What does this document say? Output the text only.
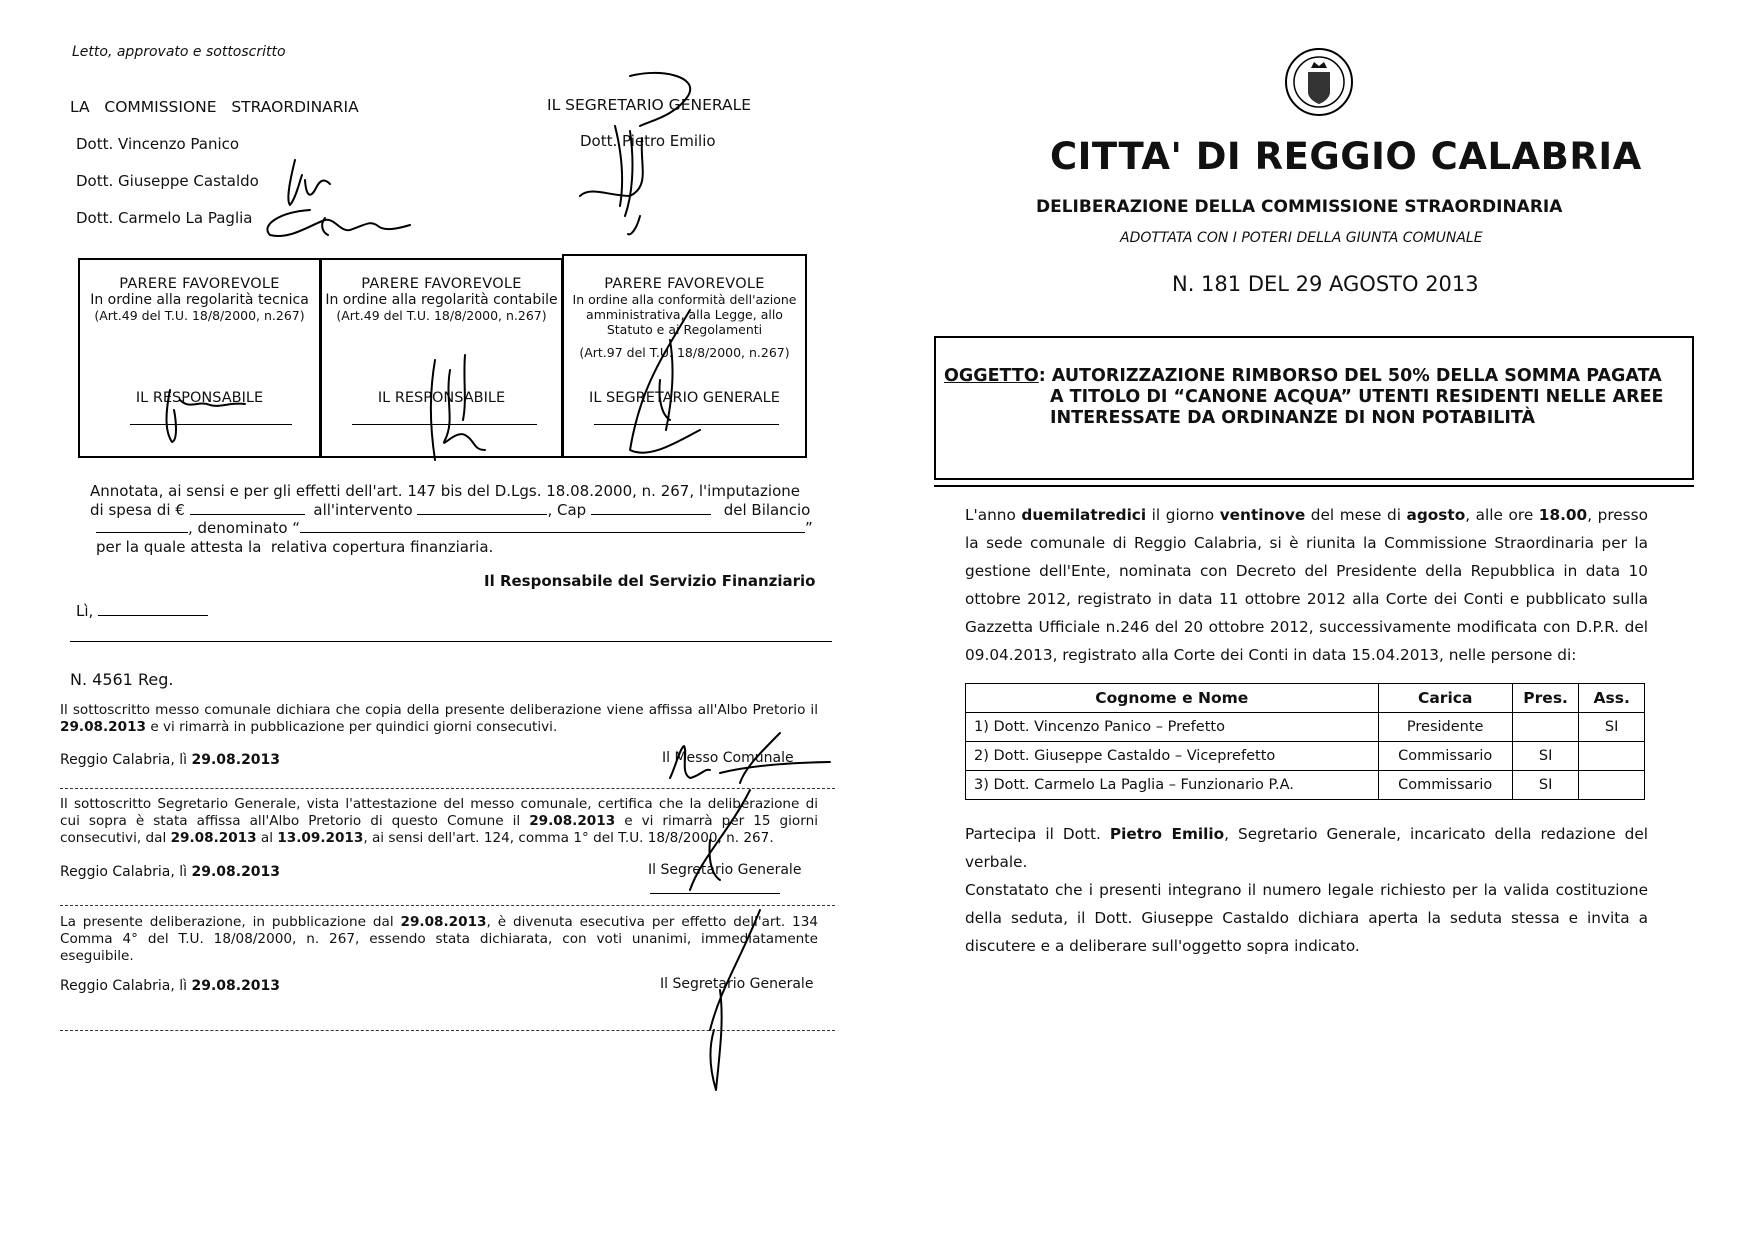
Letto, approvato e sottoscritto
LA   COMMISSIONE   STRAORDINARIA
Dott. Vincenzo Panico
Dott. Giuseppe Castaldo
Dott. Carmelo La Paglia
IL SEGRETARIO GENERALE
Dott. Pietro Emilio
PARERE FAVOREVOLE
In ordine alla regolarità tecnica
(Art.49 del T.U. 18/8/2000, n.267)
IL RESPONSABILE
PARERE FAVOREVOLE
In ordine alla regolarità contabile
(Art.49 del T.U. 18/8/2000, n.267)
IL RESPONSABILE
PARERE FAVOREVOLE
In ordine alla conformità dell'azione
amministrativa, alla Legge, allo
Statuto e ai Regolamenti
(Art.97 del T.U. 18/8/2000, n.267)
IL SEGRETARIO GENERALE
Annotata, ai sensi e per gli effetti dell'art. 147 bis del D.Lgs. 18.08.2000, n. 267, l'imputazione
di spesa di €	all'intervento	, Cap	del Bilancio
, denominato “	”
per la quale attesta la  relativa copertura finanziaria.
Il Responsabile del Servizio Finanziario
Lì,
N. 4561 Reg.
Il sottoscritto messo comunale dichiara che copia della presente deliberazione viene affissa all'Albo Pretorio il 29.08.2013 e vi rimarrà in pubblicazione per quindici giorni consecutivi.
Reggio Calabria, lì 29.08.2013	Il Messo Comunale
Il sottoscritto Segretario Generale, vista l'attestazione del messo comunale, certifica che la deliberazione di cui sopra è stata affissa all'Albo Pretorio di questo Comune il 29.08.2013 e vi rimarrà per 15 giorni consecutivi, dal 29.08.2013 al 13.09.2013, ai sensi dell'art. 124, comma 1° del T.U. 18/8/2000, n. 267.
Reggio Calabria, lì 29.08.2013	Il Segretario Generale
La presente deliberazione, in pubblicazione dal 29.08.2013, è divenuta esecutiva per effetto dell'art. 134 Comma 4° del T.U. 18/08/2000, n. 267, essendo stata dichiarata, con voti unanimi, immediatamente eseguibile.
Reggio Calabria, lì 29.08.2013	Il Segretario Generale
CITTA' DI REGGIO CALABRIA
DELIBERAZIONE DELLA COMMISSIONE STRAORDINARIA
ADOTTATA CON I POTERI DELLA GIUNTA COMUNALE
N. 181 DEL 29 AGOSTO 2013
OGGETTO: AUTORIZZAZIONE RIMBORSO DEL 50% DELLA SOMMA PAGATA
A TITOLO DI “CANONE ACQUA” UTENTI RESIDENTI NELLE AREE
INTERESSATE DA ORDINANZE DI NON POTABILITÀ
L'anno duemilatredici il giorno ventinove del mese di agosto, alle ore 18.00, presso la sede comunale di Reggio Calabria, si è riunita la Commissione Straordinaria per la gestione dell'Ente, nominata con Decreto del Presidente della Repubblica in data 10 ottobre 2012, registrato in data 11 ottobre 2012 alla Corte dei Conti e pubblicato sulla Gazzetta Ufficiale n.246 del 20 ottobre 2012, successivamente modificata con D.P.R. del 09.04.2013, registrato alla Corte dei Conti in data 15.04.2013, nelle persone di:
Cognome e Nome	Carica	Pres.	Ass.
1) Dott. Vincenzo Panico – Prefetto	Presidente		SI
2) Dott. Giuseppe Castaldo – Viceprefetto	Commissario	SI	
3) Dott. Carmelo La Paglia – Funzionario P.A.	Commissario	SI	
Partecipa il Dott. Pietro Emilio, Segretario Generale, incaricato della redazione del verbale.
Constatato che i presenti integrano il numero legale richiesto per la valida costituzione della seduta, il Dott. Giuseppe Castaldo dichiara aperta la seduta stessa e invita a discutere e a deliberare sull'oggetto sopra indicato.
